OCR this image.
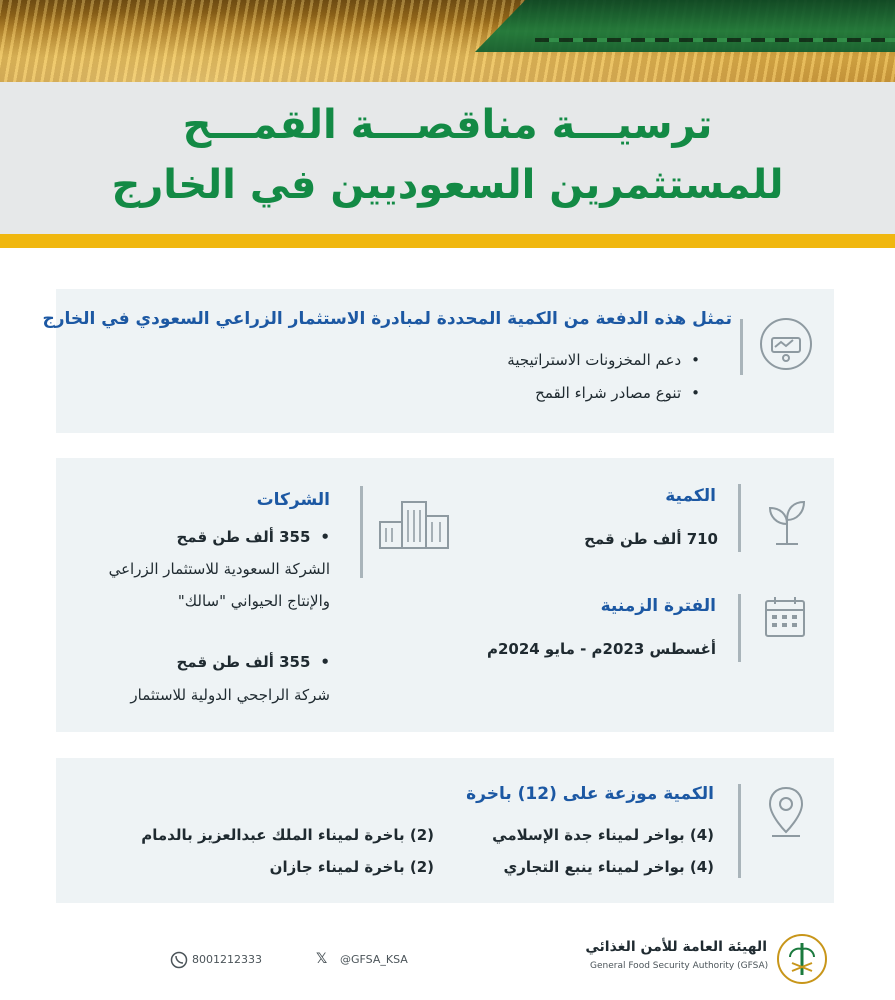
ترسيـــة مناقصـــة القمـــح
للمستثمرين السعوديين في الخارج
تمثل هذه الدفعة من الكمية المحددة لمبادرة الاستثمار الزراعي السعودي في الخارج
• دعم المخزونات الاستراتيجية
• تنوع مصادر شراء القمح
الكمية
710 ألف طن قمح
الفترة الزمنية
أغسطس 2023م - مايو 2024م
الشركات
• 355 ألف طن قمح
الشركة السعودية للاستثمار الزراعي
والإنتاج الحيواني "سالك"
• 355 ألف طن قمح
شركة الراجحي الدولية للاستثمار
الكمية موزعة على (12) باخرة
(4) بواخر لميناء جدة الإسلامي
(4) بواخر لميناء ينبع التجاري
(2) باخرة لميناء الملك عبدالعزيز بالدمام
(2) باخرة لميناء جازان
8001212333	𝕏 @GFSA_KSA
الهيئة العامة للأمن الغذائي
General Food Security Authority (GFSA)
